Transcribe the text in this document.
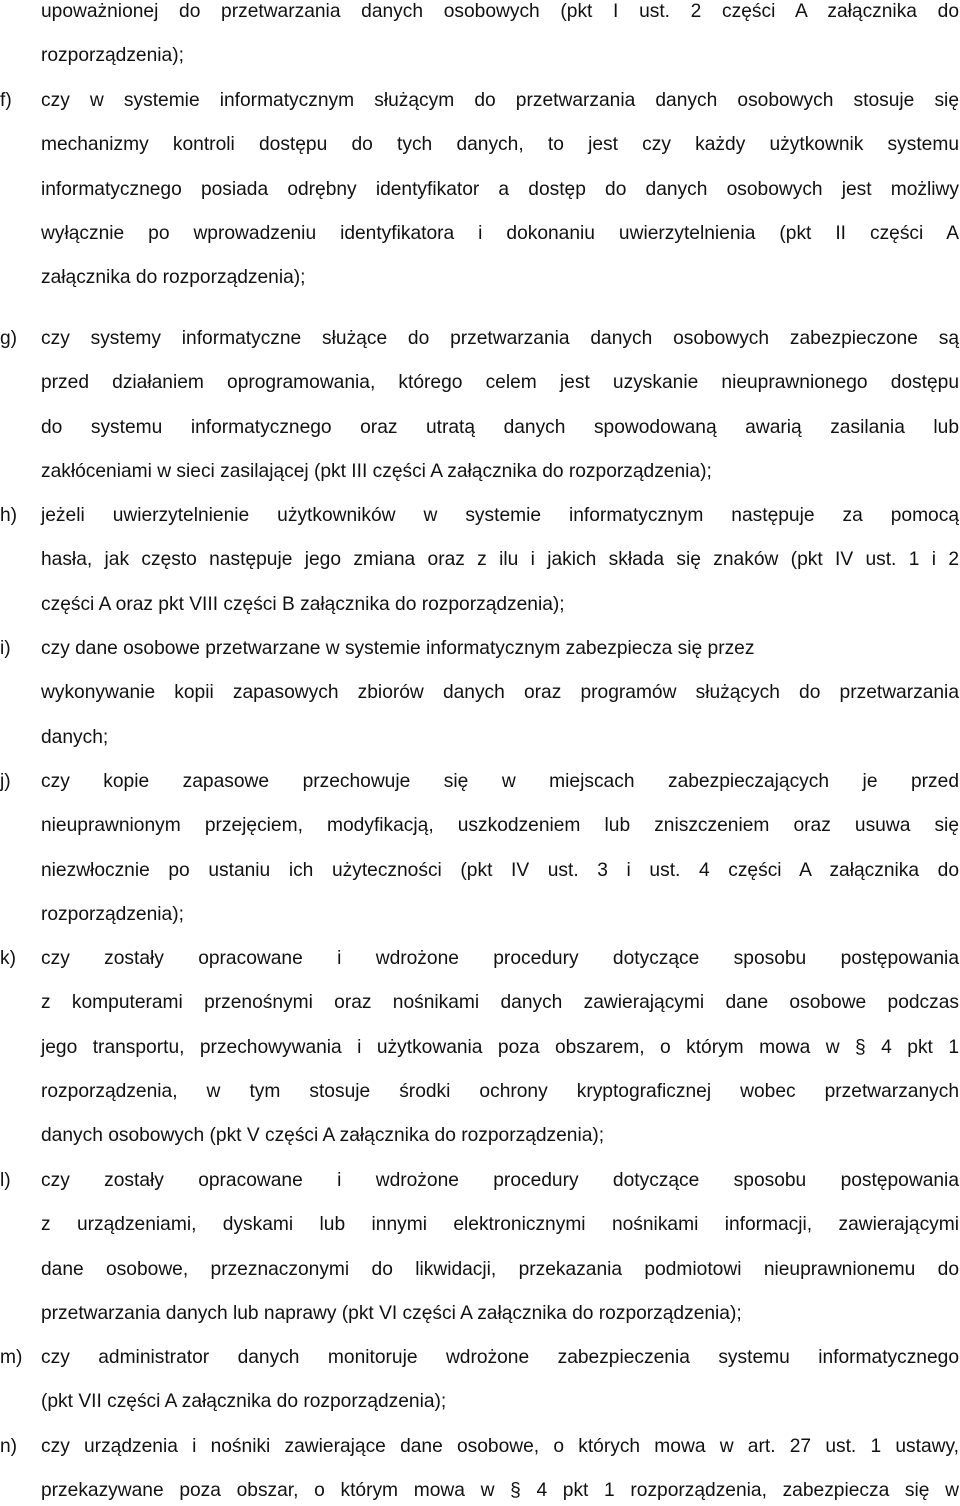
upoważnionej do przetwarzania danych osobowych (pkt I ust. 2 części A załącznika do
rozporządzenia);
f)	czy w systemie informatycznym służącym do przetwarzania danych osobowych stosuje się
mechanizmy kontroli dostępu do tych danych, to jest czy każdy użytkownik systemu
informatycznego posiada odrębny identyfikator a dostęp do danych osobowych jest możliwy
wyłącznie po wprowadzeniu identyfikatora i dokonaniu uwierzytelnienia (pkt II części A
załącznika do rozporządzenia);
g)	czy systemy informatyczne służące do przetwarzania danych osobowych zabezpieczone są
przed działaniem oprogramowania, którego celem jest uzyskanie nieuprawnionego dostępu
do systemu informatycznego oraz utratą danych spowodowaną awarią zasilania lub
zakłóceniami w sieci zasilającej (pkt III części A załącznika do rozporządzenia);
h)	jeżeli uwierzytelnienie użytkowników w systemie informatycznym następuje za pomocą
hasła, jak często następuje jego zmiana oraz z ilu i jakich składa się znaków (pkt IV ust. 1 i 2
części A oraz pkt VIII części B załącznika do rozporządzenia);
i)	czy dane osobowe przetwarzane w systemie informatycznym zabezpiecza się przez
wykonywanie kopii zapasowych zbiorów danych oraz programów służących do przetwarzania
danych;
j)	czy kopie zapasowe przechowuje się w miejscach zabezpieczających je przed
nieuprawnionym przejęciem, modyfikacją, uszkodzeniem lub zniszczeniem oraz usuwa się
niezwłocznie po ustaniu ich użyteczności (pkt IV ust. 3 i ust. 4 części A załącznika do
rozporządzenia);
k)	czy zostały opracowane i wdrożone procedury dotyczące sposobu postępowania
z komputerami przenośnymi oraz nośnikami danych zawierającymi dane osobowe podczas
jego transportu, przechowywania i użytkowania poza obszarem, o którym mowa w § 4 pkt 1
rozporządzenia, w tym stosuje środki ochrony kryptograficznej wobec przetwarzanych
danych osobowych (pkt V części A załącznika do rozporządzenia);
l)	czy zostały opracowane i wdrożone procedury dotyczące sposobu postępowania
z urządzeniami, dyskami lub innymi elektronicznymi nośnikami informacji, zawierającymi
dane osobowe, przeznaczonymi do likwidacji, przekazania podmiotowi nieuprawnionemu do
przetwarzania danych lub naprawy (pkt VI części A załącznika do rozporządzenia);
m) czy administrator danych monitoruje wdrożone zabezpieczenia systemu informatycznego
(pkt VII części A załącznika do rozporządzenia);
n)	czy urządzenia i nośniki zawierające dane osobowe, o których mowa w art. 27 ust. 1 ustawy,
przekazywane poza obszar, o którym mowa w § 4 pkt 1 rozporządzenia, zabezpiecza się w
